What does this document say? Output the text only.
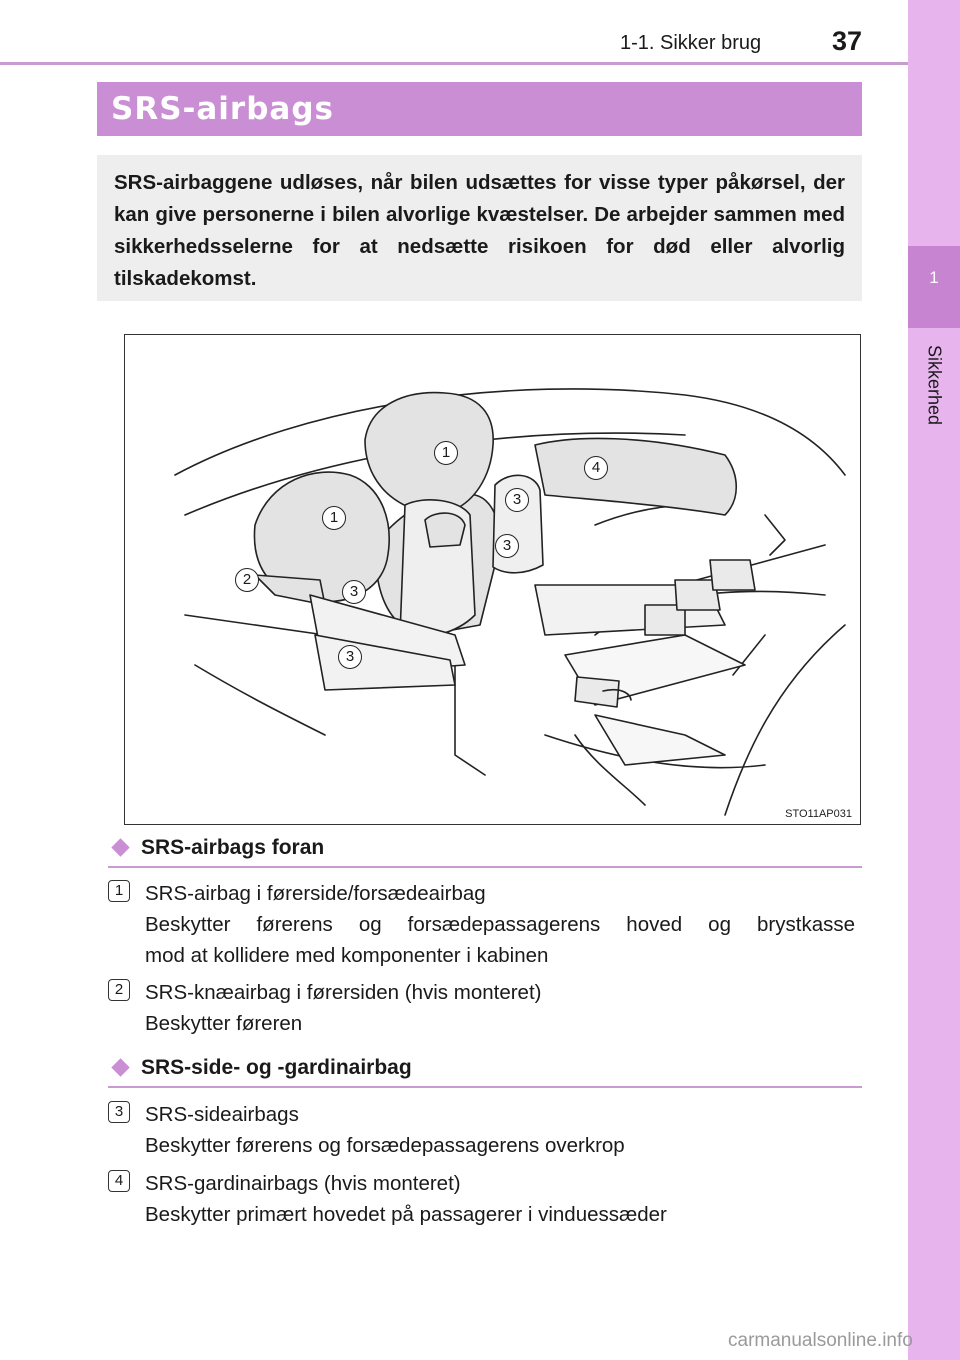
1-1. Sikker brug	37
1
Sikkerhed
SRS-airbags

SRS-airbaggene udløses, når bilen udsættes for visse typer påkørsel, der kan give personerne i bilen alvorlige kvæstelser. De arbejder sammen med sikkerhedsselerne for at nedsætte risikoen for død eller alvorlig tilskadekomst.

1
1
2
3
3
3
3
4
STO11AP031
SRS-airbags foran
1	SRS-airbag i førerside/forsædeairbag
Beskytter førerens og forsædepassagerens hoved og brystkasse
mod at kollidere med komponenter i kabinen
2	SRS-knæairbag i førersiden (hvis monteret)
Beskytter føreren
SRS-side- og -gardinairbag
3	SRS-sideairbags
Beskytter førerens og forsædepassagerens overkrop
4	SRS-gardinairbags (hvis monteret)
Beskytter primært hovedet på passagerer i vinduessæder
carmanualsonline.info
